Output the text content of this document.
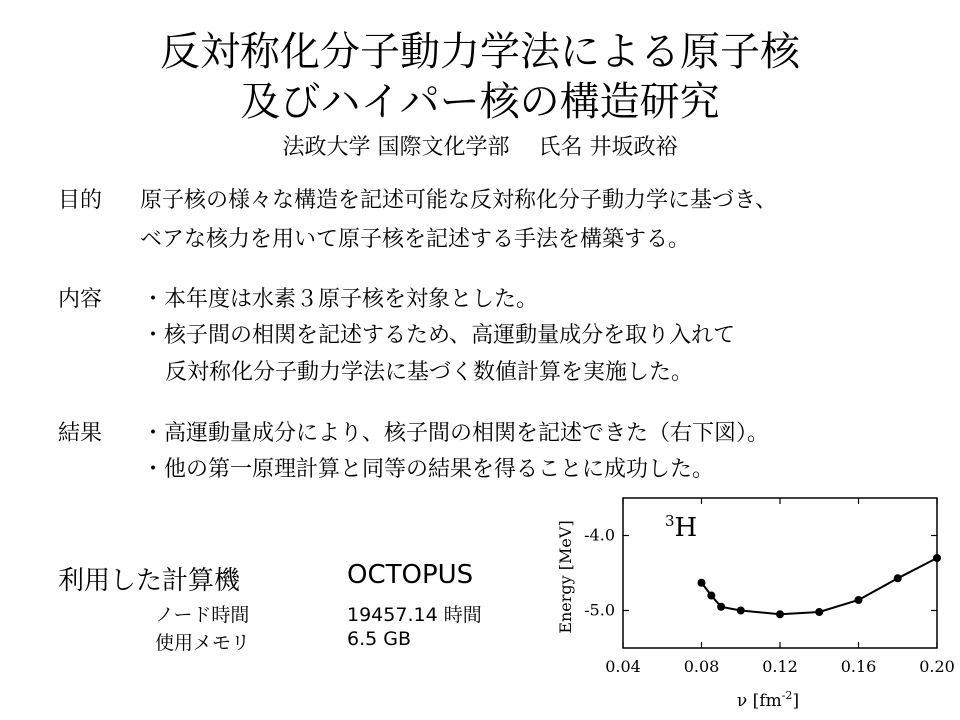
反対称化分子動力学法による原子核
及びハイパー核の構造研究
法政大学 国際文化学部　 氏名 井坂政裕
目的 原子核の様々な構造を記述可能な反対称化分子動力学に基づき、
ベアな核力を用いて原子核を記述する手法を構築する。
内容 ・本年度は水素３原子核を対象とした。
・核子間の相関を記述するため、高運動量成分を取り入れて
反対称化分子動力学法に基づく数値計算を実施した。
結果 ・高運動量成分により、核子間の相関を記述できた（右下図）。
・他の第一原理計算と同等の結果を得ることに成功した。
利用した計算機	OCTOPUS
ノード時間	19457.14 時間
使用メモリ	6.5 GB
0.04	0.08	0.12	0.16	0.20
-4.0
-5.0
$^3$H
Energy [MeV]
ν $[fm^{-2}]$
